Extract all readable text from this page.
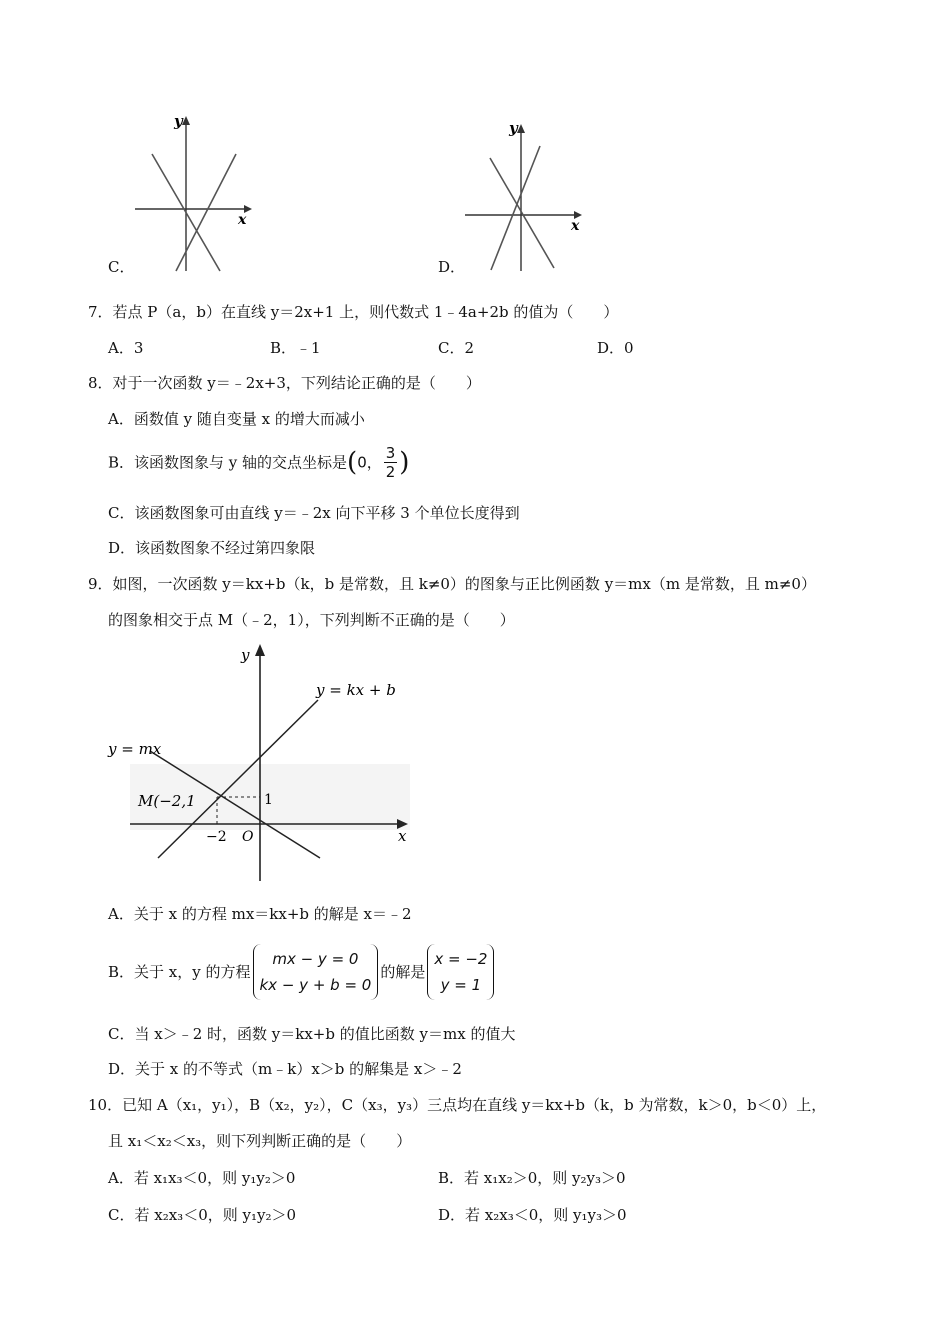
y
x
C．
y
x
D．
7．若点 P（a，b）在直线 y＝2x+1 上，则代数式 1﹣4a+2b 的值为（　　）
A．3	B．﹣1	C．2	D．0
8．对于一次函数 y＝﹣2x+3，下列结论正确的是（　　）
A．函数值 y 随自变量 x 的增大而减小
B．该函数图象与 y 轴的交点坐标是(0， $\frac{3}{2}$ )
C．该函数图象可由直线 y＝﹣2x 向下平移 3 个单位长度得到
D．该函数图象不经过第四象限
9．如图，一次函数 y＝kx+b（k，b 是常数，且 k≠0）的图象与正比例函数 y＝mx（m 是常数，且 m≠0）
的图象相交于点 M（﹣2，1），下列判断不正确的是（　　）
y
x
y = kx + b
y = mx
M(−2,1	1
−2 O
A．关于 x 的方程 mx＝kx+b 的解是 x＝﹣2
B．关于 x，y 的方程
mx − y = 0
kx − y + b = 0
的解是
x = −2
y = 1
C．当 x＞﹣2 时，函数 y＝kx+b 的值比函数 y＝mx 的值大
D．关于 x 的不等式（m﹣k）x＞b 的解集是 x＞﹣2
10．已知 A（x₁，y₁），B（x₂，y₂），C（x₃，y₃）三点均在直线 y＝kx+b（k，b 为常数，k＞0，b＜0）上，
且 x₁＜x₂＜x₃，则下列判断正确的是（　　）
A．若 x₁x₃＜0，则 y₁y₂＞0	B．若 x₁x₂＞0，则 y₂y₃＞0
C．若 x₂x₃＜0，则 y₁y₂＞0	D．若 x₂x₃＜0，则 y₁y₃＞0
